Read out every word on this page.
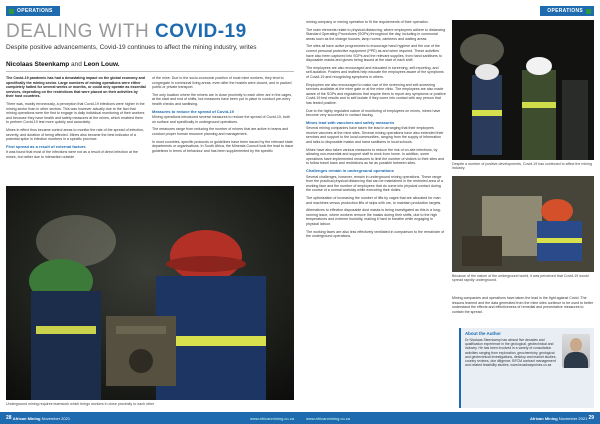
OPERATIONS
DEALING WITH COVID-19
Despite positive advancements, Covid-19 continues to affect the mining industry, writes
Nicolaas Steenkamp and Leon Louw.

The Covid-19 pandemic has had a devastating impact on the global economy and specifically the mining sector. Large numbers of mining operations were either completely halted for several weeks or months, or could only operate as essential services, depending on the restrictions that were placed on their activities by their host countries.

There was, mostly erroneously, a perception that Covid-19 infections were higher in the mining sector than in other sectors. This was however actually due to the fact that mining operations were the first to engage in daily individual monitoring of their workers and because they have health and safety measures at the mines, which enabled them to perform Covid-19 test more quickly and accurately.

Mines in effect thus became control areas to monitor the rate of the spread of infection, severity, and duration of being affected. Mines also became the best indicator of a potential spike in infection numbers in a specific province.

First spread as a result of external factors

It was found that most of the infections were not as a result of direct infection at the mines, but rather due to interaction outside

of the mine. Due to the socio-economic position of most mine workers, they tend to congregate in communal living areas, even after the hostels were closed, and in packed public or private transport.

The only location where the miners are in close proximity to each other are in the cages, at the start and end of shifts, but measures have been put in place to conduct pre-entry health checks and sanitising.

Measures to reduce the spread of Covid-19

Mining operations introduced several measures to reduce the spread of Covid-19, both on surface and specifically in underground operations.

The measures range from reducing the number of miners that are active in teams and conduct proper human resource planning and management.

In most countries, specific protocols or guidelines have been issued by the relevant state departments or organisations. In South Africa, the Minerals Council took the lead to issue guidelines in terms of behaviour and has been supplemented by the specific

Underground mining requires teamwork which brings workers in close proximity to each other
28
African Mining
November 2021	www.africanmining.co.za
OPERATIONS

mining company or mining operation to fit the requirements of their operation.

The main elements relate to physical distancing, where employees adhere to distancing Standard Operating Procedures (SOPs) throughout the day, including in communal areas such as the change houses, lamp rooms, canteens and waiting areas.

The sites all have active programmes to encourage hand hygiene and the use of the correct personal protective equipment (PPE) as and when required. These activities have also been captured into SOPs and the relevant supplies, from hand sanitisers to disposable masks and gloves being issued at the start of each shift.

The employees are also encouraged and educated in screening, self-reporting, and self-isolation. Posters and leaflets help educate the employees aware of the symptoms of Covid-19 and recognising symptoms in others.

Employees are also encouraged to make use of the screening and self-screening services available at the mine gate or at the mine clinic. The employees are also made aware of the SOPs and regulations that require them to report any symptoms or positive Covid-19 test results and to self-isolate if they come into contact with any person that has tested positive.

Due to the highly regulated nature of monitoring of employees on mines, mines have become very successful in contact tracing.

Mines lead with vaccines and safety measures

Several mining companies have taken the lead in arranging that their employees receive vaccines at the mine sites. Several mining operations have also extended their services and support to the local communities, ranging from the supply of information and talks to disposable masks and hand sanitisers to local schools.

Mines have also taken various measures to reduce the risk of on-site infections, by allowing non-essential and support staff to work from home. In addition, some operations have implemented measures to limit the number of visitors to their sites and to follow travel bans and restrictions as far as possible between sites.

Challenges remain in underground operations

Several challenges, however, remain in underground mining operations. These range from the practical physical distancing that can be maintained in the restricted area of a working face and the number of employees that do come into physical contact during the course of a normal workday while executing their duties.

The optimisation of increasing the number of lifts by cages that are allocated for man and machines versus production lifts of skips with ore, to maintain production targets.

Alternatives to effective disposable dust masks is being investigated as this is a long-running issue, where workers remove the masks during their shifts, due to the high temperatures and extreme humidity, making it hard to breathe while engaging in physical labour.

The working faces are also less effectively ventilated in comparison to the remainder of the underground operations.

Despite a number of positive developments, Covid-19 has continued to affect the mining industry.
Because of the nature of the underground world, it was perceived that Covid-19 would spread rapidly underground.

Mining companies and operations have taken the lead in the fight against Covid. The lessons learned and the data generated from the mine sites continue to be used to better understand the effects and effectiveness of remedial and preventative measures to contain the spread.

www.africanmining.co.za	African Mining
November 2021
29
About the Author
Dr Nicolaas Steenkamp has almost five decades and qualification experience in the geological, geotechnical and industry. He has been involved in a variety of consultation activities ranging from exploration, geochemistry, geological and geotechnical investigations, desktop and market studies, country reviews, due diligence, BFCM contract management and related feasibility studies. www.broadwaymines.co.za
